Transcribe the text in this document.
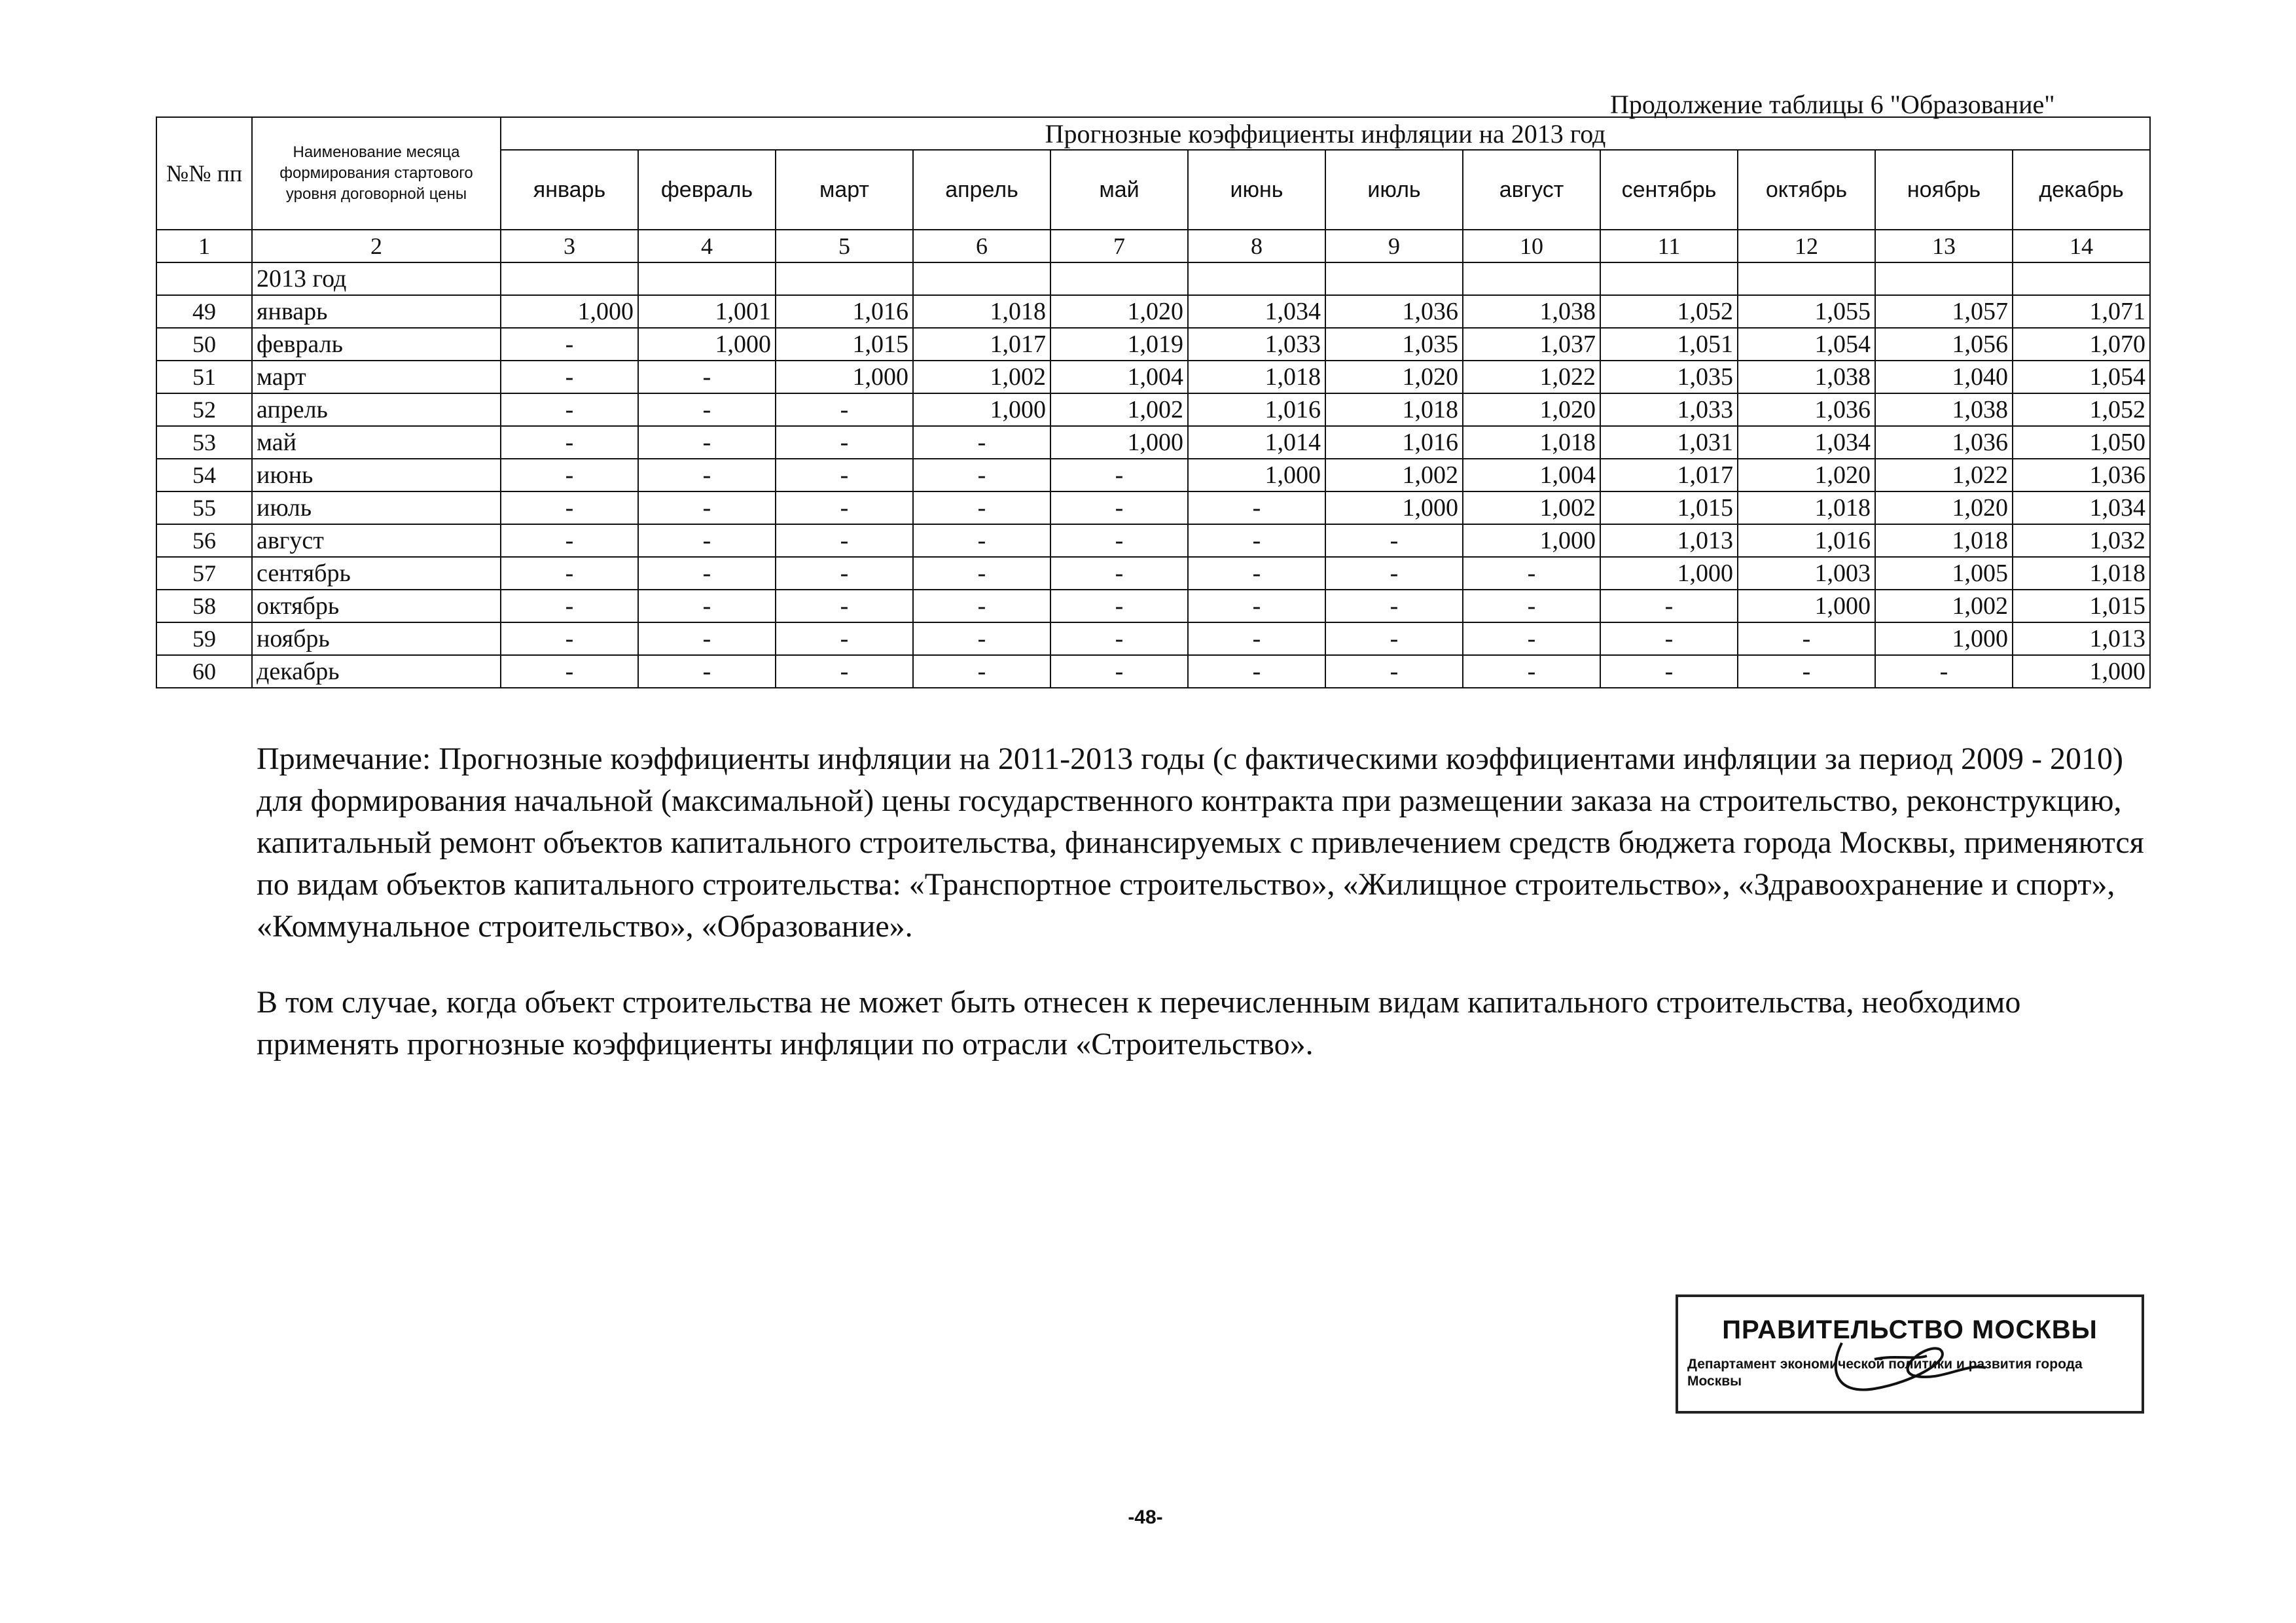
Продолжение таблицы 6 "Образование"
№№ пп	Наименование месяца формирования стартового уровня договорной цены	Прогнозные коэффициенты инфляции на 2013 год											
		январь	февраль	март	апрель	май	июнь	июль	август	сентябрь	октябрь	ноябрь	декабрь
1	2	3	4	5	6	7	8	9	10	11	12	13	14
	2013 год												
49	январь	1,000	1,001	1,016	1,018	1,020	1,034	1,036	1,038	1,052	1,055	1,057	1,071
50	февраль	-	1,000	1,015	1,017	1,019	1,033	1,035	1,037	1,051	1,054	1,056	1,070
51	март	-	-	1,000	1,002	1,004	1,018	1,020	1,022	1,035	1,038	1,040	1,054
52	апрель	-	-	-	1,000	1,002	1,016	1,018	1,020	1,033	1,036	1,038	1,052
53	май	-	-	-	-	1,000	1,014	1,016	1,018	1,031	1,034	1,036	1,050
54	июнь	-	-	-	-	-	1,000	1,002	1,004	1,017	1,020	1,022	1,036
55	июль	-	-	-	-	-	-	1,000	1,002	1,015	1,018	1,020	1,034
56	август	-	-	-	-	-	-	-	1,000	1,013	1,016	1,018	1,032
57	сентябрь	-	-	-	-	-	-	-	-	1,000	1,003	1,005	1,018
58	октябрь	-	-	-	-	-	-	-	-	-	1,000	1,002	1,015
59	ноябрь	-	-	-	-	-	-	-	-	-	-	1,000	1,013
60	декабрь	-	-	-	-	-	-	-	-	-	-	-	1,000
Примечание: Прогнозные коэффициенты инфляции на 2011-2013 годы (с фактическими коэффициентами инфляции за период 2009 - 2010) для формирования начальной (максимальной) цены государственного контракта при размещении заказа на строительство, реконструкцию, капитальный ремонт объектов капитального строительства, финансируемых с привлечением средств бюджета города Москвы, применяются по видам объектов капитального строительства: «Транспортное строительство», «Жилищное строительство», «Здравоохранение и спорт», «Коммунальное строительство», «Образование».
В том случае, когда объект строительства не может быть отнесен к перечисленным видам капитального строительства, необходимо применять прогнозные коэффициенты инфляции по отрасли «Строительство».
ПРАВИТЕЛЬСТВО МОСКВЫ
Департамент экономической политики и развития города Москвы
-48-
